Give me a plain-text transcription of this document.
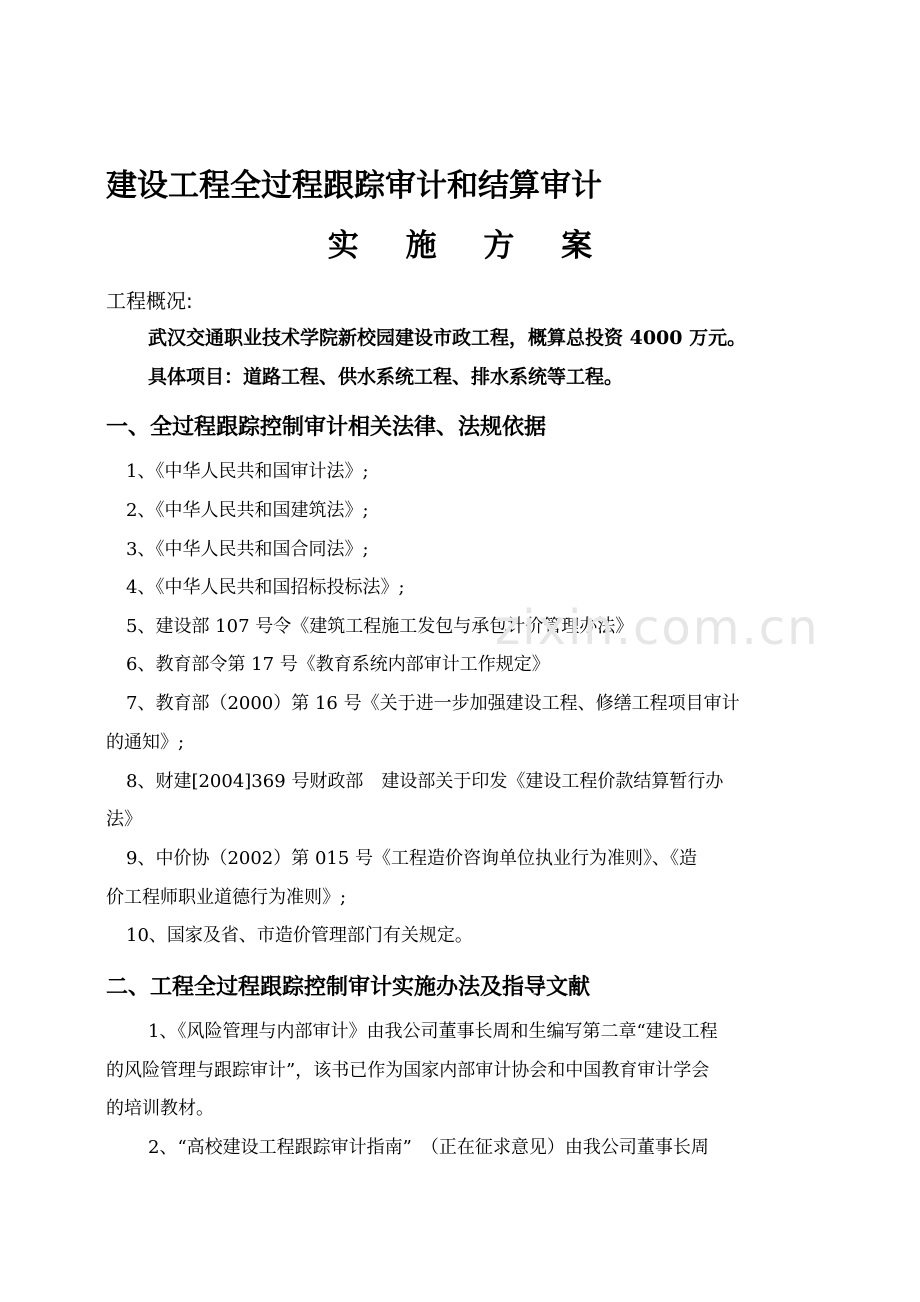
建设工程全过程跟踪审计和结算审计
实 施 方 案
工程概况:
武汉交通职业技术学院新校园建设市政工程，概算总投资 4000 万元。
具体项目：道路工程、供水系统工程、排水系统等工程。
一、全过程跟踪控制审计相关法律、法规依据
1、《中华人民共和国审计法》;
2、《中华人民共和国建筑法》;
3、《中华人民共和国合同法》;
4、《中华人民共和国招标投标法》;
5、建设部 107 号令《建筑工程施工发包与承包计价管理办法》
6、教育部令第 17 号《教育系统内部审计工作规定》
7、教育部（2000）第 16 号《关于进一步加强建设工程、修缮工程项目审计
的通知》;
8、财建[2004]369 号财政部　建设部关于印发《建设工程价款结算暂行办
法》
9、中价协（2002）第 015 号《工程造价咨询单位执业行为准则》、《造
价工程师职业道德行为准则》;
10、国家及省、市造价管理部门有关规定。
二、工程全过程跟踪控制审计实施办法及指导文献
1、《风险管理与内部审计》由我公司董事长周和生编写第二章“建设工程
的风险管理与跟踪审计”，该书已作为国家内部审计协会和中国教育审计学会
的培训教材。
2、“高校建设工程跟踪审计指南”　（正在征求意见）由我公司董事长周
zixin.com.cn
